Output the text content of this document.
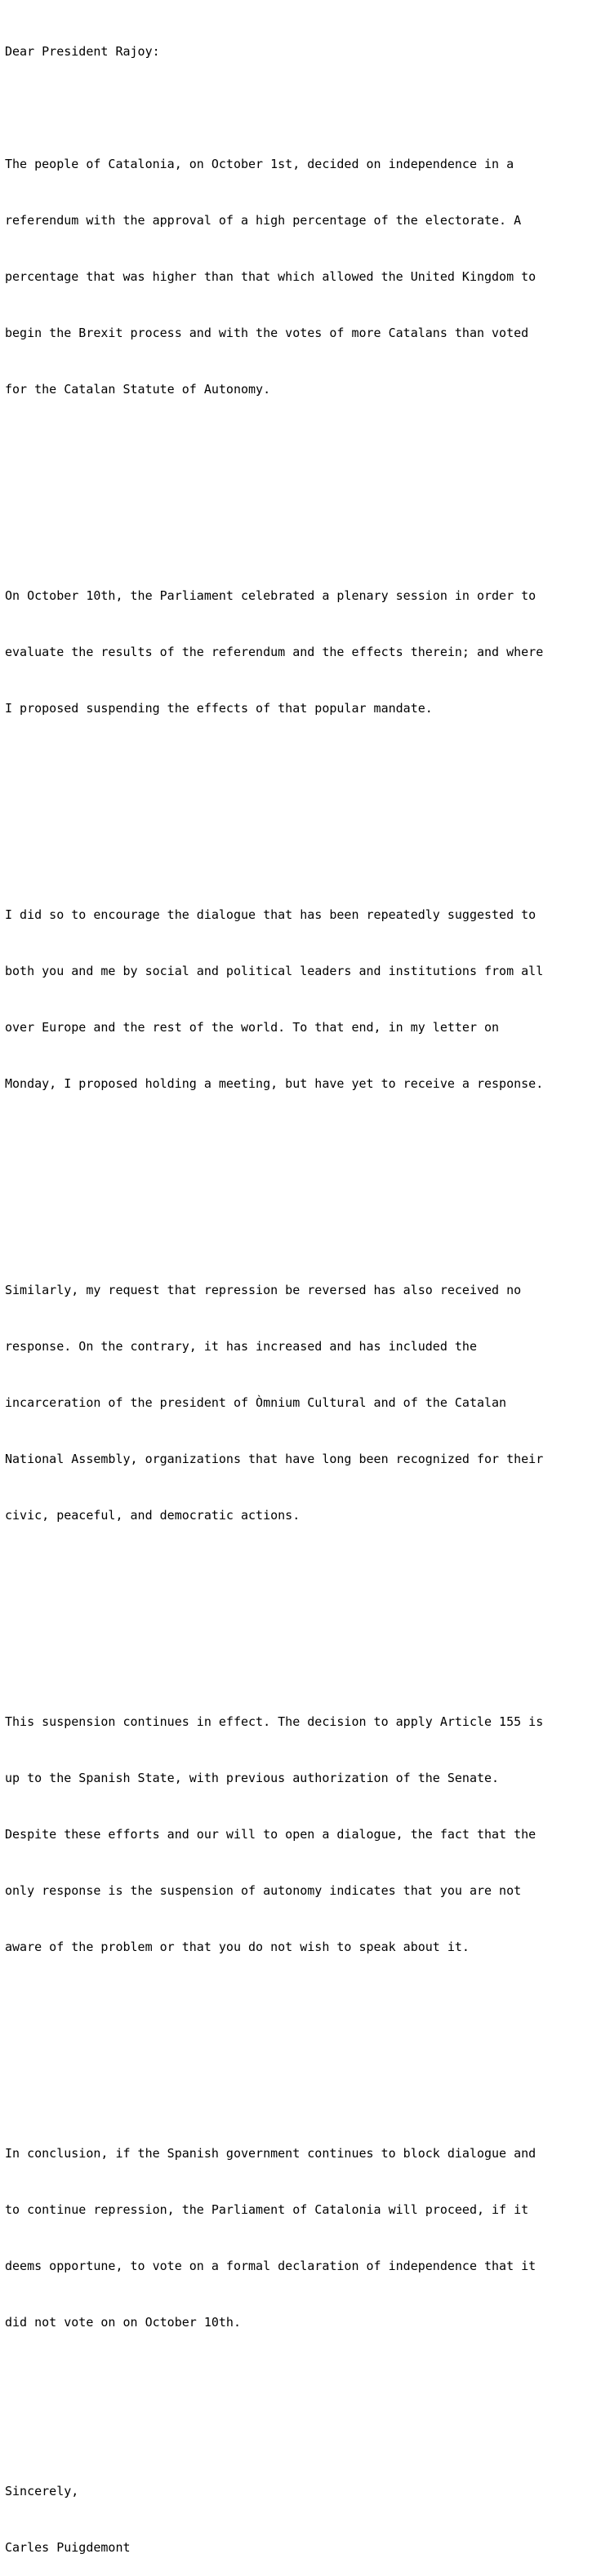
Dear President Rajoy:

The people of Catalonia, on October 1st, decided on independence in a

referendum with the approval of a high percentage of the electorate. A

percentage that was higher than that which allowed the United Kingdom to

begin the Brexit process and with the votes of more Catalans than voted

for the Catalan Statute of Autonomy.

On October 10th, the Parliament celebrated a plenary session in order to

evaluate the results of the referendum and the effects therein; and where

I proposed suspending the effects of that popular mandate.

I did so to encourage the dialogue that has been repeatedly suggested to

both you and me by social and political leaders and institutions from all

over Europe and the rest of the world. To that end, in my letter on

Monday, I proposed holding a meeting, but have yet to receive a response.

Similarly, my request that repression be reversed has also received no

response. On the contrary, it has increased and has included the

incarceration of the president of Òmnium Cultural and of the Catalan

National Assembly, organizations that have long been recognized for their

civic, peaceful, and democratic actions.

This suspension continues in effect. The decision to apply Article 155 is

up to the Spanish State, with previous authorization of the Senate.

Despite these efforts and our will to open a dialogue, the fact that the

only response is the suspension of autonomy indicates that you are not

aware of the problem or that you do not wish to speak about it.

In conclusion, if the Spanish government continues to block dialogue and

to continue repression, the Parliament of Catalonia will proceed, if it

deems opportune, to vote on a formal declaration of independence that it

did not vote on on October 10th.

Sincerely,

Carles Puigdemont
